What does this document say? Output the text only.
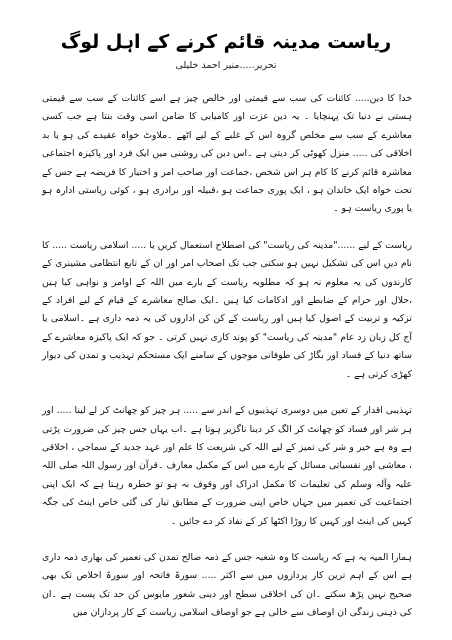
ریاست مدینہ قائم کرنے کے اہل لوگ
تحریر.....منیر احمد خلیلی

خدا کا دین..... کائنات کی سب سے قیمتی اور خالص چیز ہے اسے کائنات کے سب سے قیمتی ہستی نے دنیا تک پہنچایا ۔ یہ دین عزت اور کامیابی کا ضامن اسی وقت بنتا ہے جب کسی معاشرے کے سب سے مخلص گروہ اس کے غلبے کے لیے اٹھے ۔ملاوٹ خواہ عقیدے کی ہو یا بد اخلاقی کی ..... منزل کھوٹی کر دیتی ہے ۔اس دین کی روشنی میں ایک فرد اور پاکیزہ اجتماعی معاشرہ قائم کرنے کا کام ہر اس شخص ،جماعت اور صاحب امر و اختیار کا فریضہ ہے جس کے تحت خواہ ایک خاندان ہو ، ایک پوری جماعت ہو ،قبیلہ اور برادری ہو ، کوئی ریاستی ادارہ ہو یا پوری ریاست ہو ۔

ریاست کے لیے ......"مدینہ کی ریاست" کی اصطلاح استعمال کریں یا ..... اسلامی ریاست ..... کا نام دیں اس کی تشکیل نہیں ہو سکتی جب تک اصحاب امر اور ان کے تابع انتظامی مشینری کے کارندوں کی یہ معلوم نہ ہو کہ مطلوبہ ریاست کے بارے میں اللہ کے اوامر و نواہی کیا ہیں ،حلال اور حرام کے ضابطے اور ادکامات کیا ہیں ۔ایک صالح معاشرے کے قیام کے لیے افراد کے تزکیہ و تربیت کے اصول کیا ہیں اور ریاست کے کن کن اداروں کی یہ ذمہ داری ہے ۔اسلامی یا آج کل زبان زد عام "مدینہ کی ریاست" کو پوند کاری نہیں کرتی ۔ جو کہ ایک پاکیزہ معاشرے کے ساتھ دنیا کے فساد اور بگاڑ کی طوفانی موجوں کے سامنے ایک مستحکم تہذیب و تمدن کی دیوار کھڑی کرتی ہے ۔

تہذیبی اقدار کے تعین میں دوسری تہذیبوں کے اندر سے ..... ہر چیز کو چھانٹ کر لے لینا ..... اور ہر شر اور فساد کو چھانٹ کر الگ کر دینا ناگزیر ہوتا ہے ۔اب یہاں جس چیز کی ضرورت پڑتی ہے وہ ہے خیر و شر کی تمیز کے لیے اللہ کی شریعت کا علم اور عہد جدید کے سماجی ، اخلاقی ، معاشی اور نفسیاتی مسائل کے بارے میں اس کے مکمل معارف ۔قرآن اور رسول اللہ صلی اللہ علیہ وآلہ وسلم کی تعلیمات کا مکمل ادراک اور وقوف نہ ہو تو خطرہ رہتا ہے کہ ایک اپنی اجتماعیت کی تعمیر میں جہاں خاص اپنی ضرورت کے مطابق تیار کی گئی خاص اینٹ کی جگہ کہیں کی اینٹ اور کہیں کا روڑا اکٹھا کر کے نفاذ کر دے جائیں ۔

ہمارا المیہ یہ ہے کہ ریاست کا وہ شعبہ جس کے ذمہ صالح تمدن کی تعمیر کی بھاری ذمہ داری ہے اس کے اہم ترین کار پردازوں میں سے اکثر ..... سورۃ فاتحہ اور سورۃ اخلاص تک بھی صحیح نہیں پڑھ سکتے ۔ان کی اخلاقی سطح اور دینی شعور مایوس کن حد تک پست ہے ۔ان کی ذہنی زندگی ان اوصاف سے خالی ہے جو اوصاف اسلامی ریاست کے کار پردازان میں
